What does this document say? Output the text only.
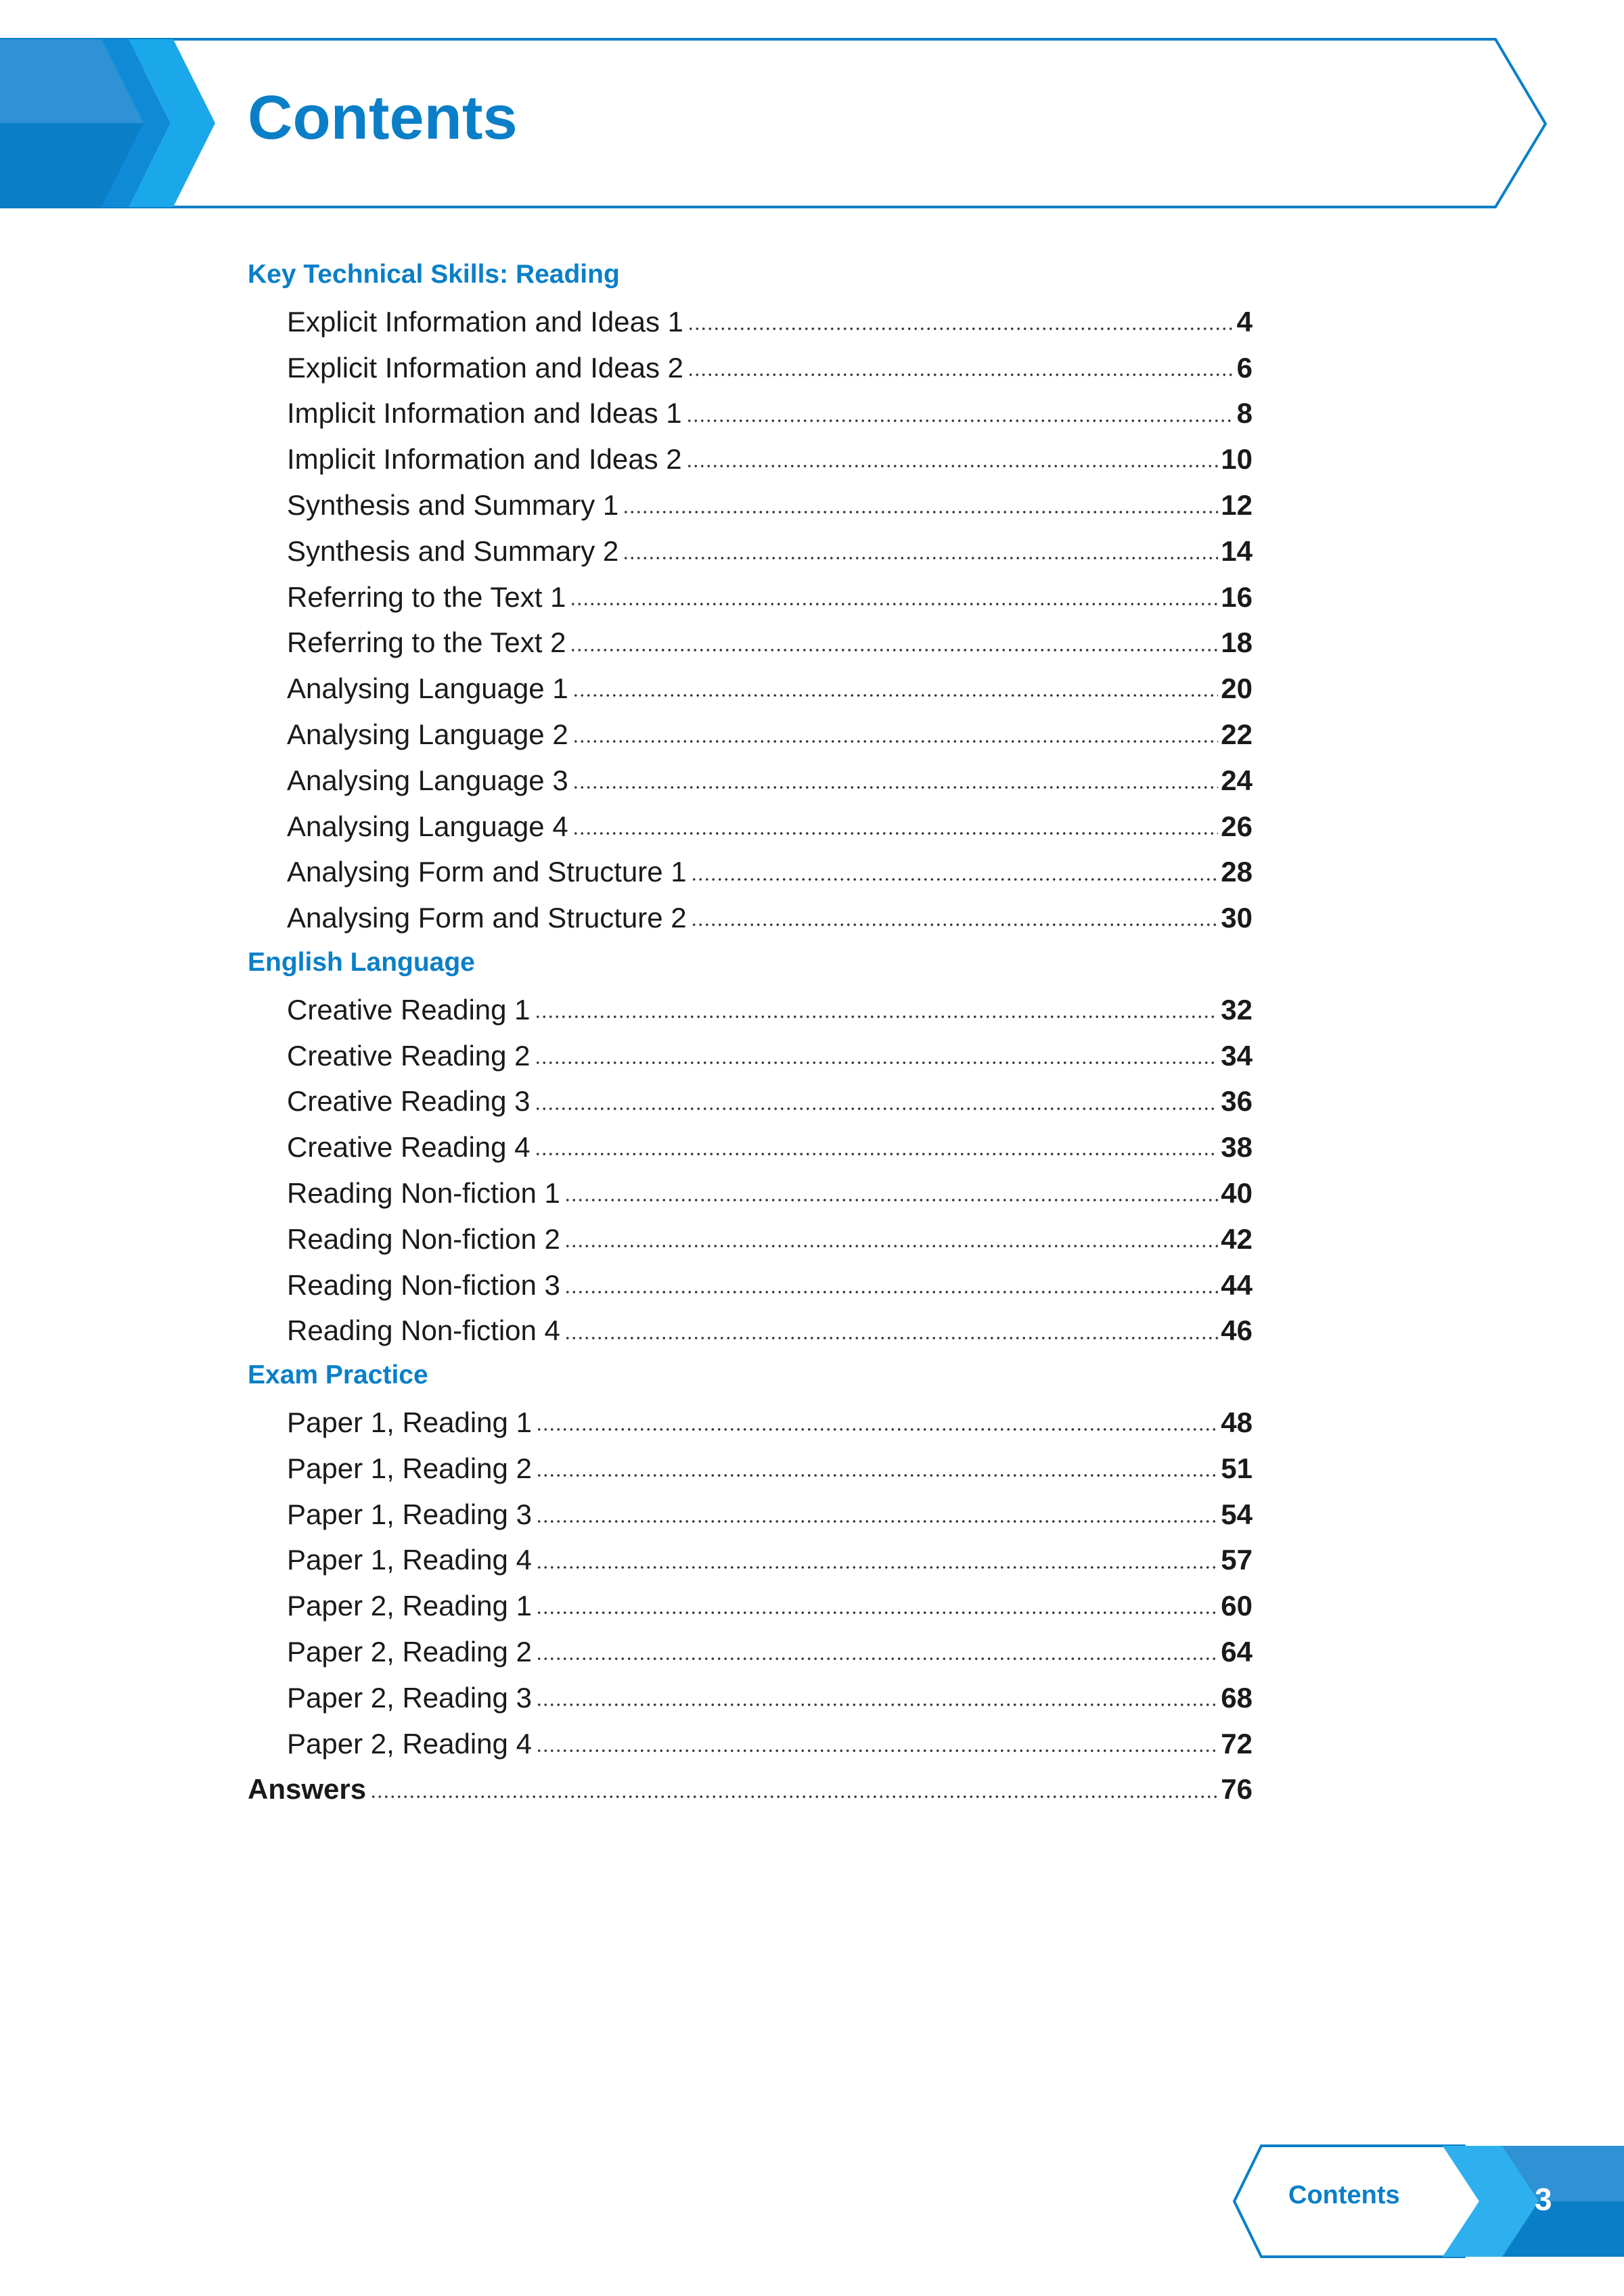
Contents
Key Technical Skills: Reading
Explicit Information and Ideas 1	4
Explicit Information and Ideas 2	6
Implicit Information and Ideas 1	8
Implicit Information and Ideas 2	10
Synthesis and Summary 1	12
Synthesis and Summary 2	14
Referring to the Text 1	16
Referring to the Text 2	18
Analysing Language 1	20
Analysing Language 2	22
Analysing Language 3	24
Analysing Language 4	26
Analysing Form and Structure 1	28
Analysing Form and Structure 2	30
English Language
Creative Reading 1	32
Creative Reading 2	34
Creative Reading 3	36
Creative Reading 4	38
Reading Non-fiction 1	40
Reading Non-fiction 2	42
Reading Non-fiction 3	44
Reading Non-fiction 4	46
Exam Practice
Paper 1, Reading 1	48
Paper 1, Reading 2	51
Paper 1, Reading 3	54
Paper 1, Reading 4	57
Paper 2, Reading 1	60
Paper 2, Reading 2	64
Paper 2, Reading 3	68
Paper 2, Reading 4	72
Answers	76
Contents	3
